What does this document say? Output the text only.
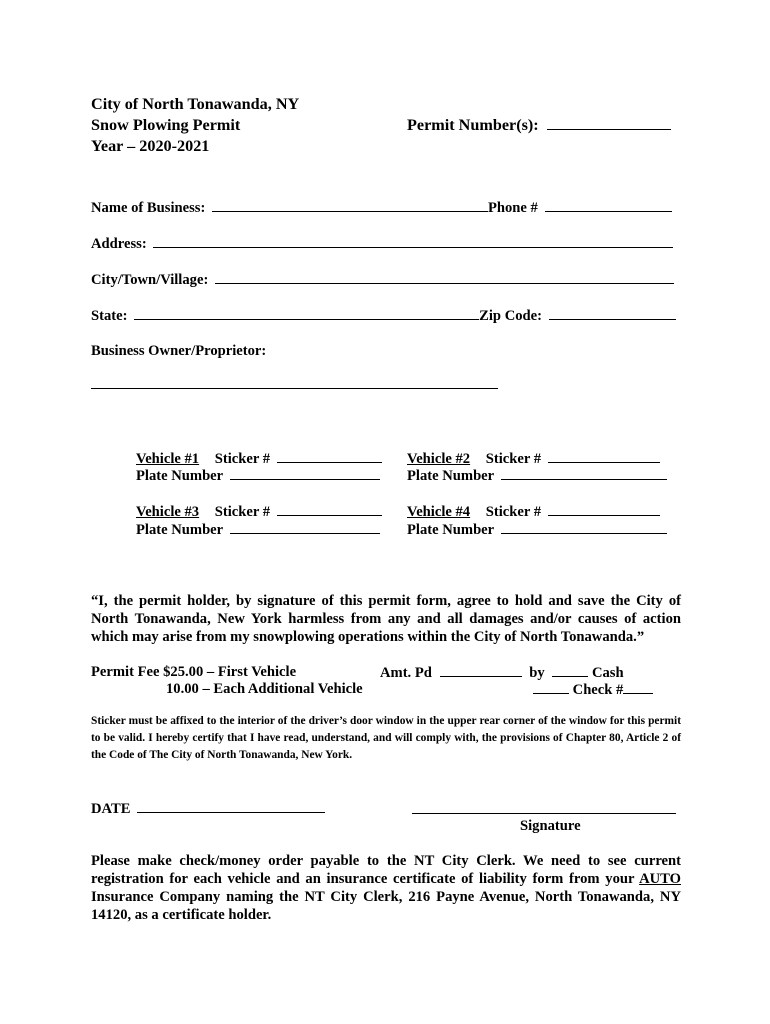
City of North Tonawanda, NY
Snow Plowing Permit
Year – 2020-2021
Permit Number(s):
Name of Business:	Phone #
Address:
City/Town/Village:
State:	Zip Code:
Business Owner/Proprietor:
Vehicle #1 Sticker #
Plate Number
Vehicle #2 Sticker #
Plate Number
Vehicle #3 Sticker #
Plate Number
Vehicle #4 Sticker #
Plate Number
“I, the permit holder, by signature of this permit form, agree to hold and save the City of North Tonawanda, New York harmless from any and all damages and/or causes of action which may arise from my snowplowing operations within the City of North Tonawanda.”
Permit Fee $25.00 – First Vehicle
10.00 – Each Additional Vehicle
Amt. Pd	by	Cash
Check #
Sticker must be affixed to the interior of the driver’s door window in the upper rear corner of the window for this permit to be valid. I hereby certify that I have read, understand, and will comply with, the provisions of Chapter 80, Article 2 of the Code of The City of North Tonawanda, New York.
DATE
Signature
Please make check/money order payable to the NT City Clerk. We need to see current registration for each vehicle and an insurance certificate of liability form from your AUTO Insurance Company naming the NT City Clerk, 216 Payne Avenue, North Tonawanda, NY 14120, as a certificate holder.
